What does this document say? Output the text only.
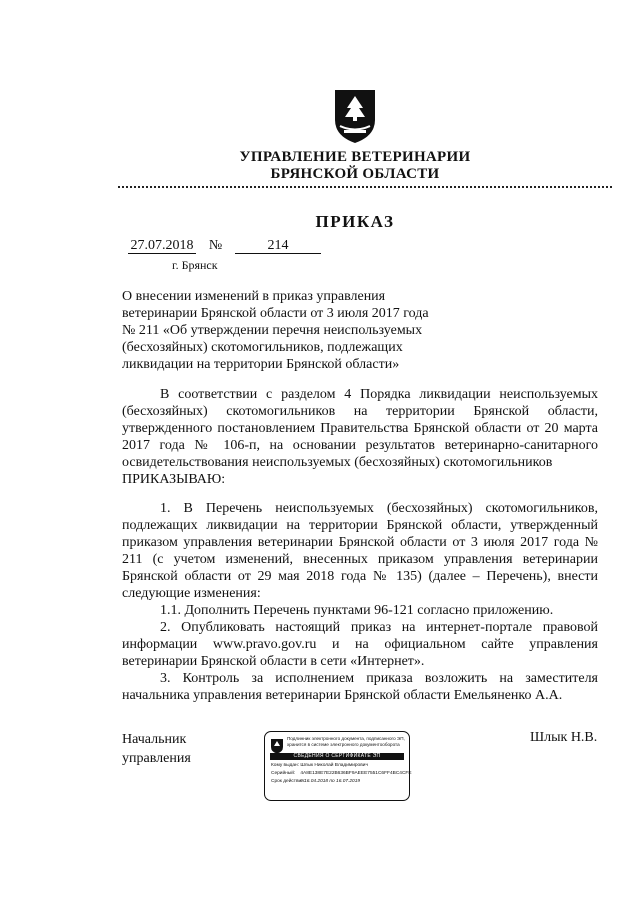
УПРАВЛЕНИЕ ВЕТЕРИНАРИИ
БРЯНСКОЙ ОБЛАСТИ
ПРИКАЗ
27.07.2018 №	214
г. Брянск
О внесении изменений в приказ управления
ветеринарии Брянской области от 3 июля 2017 года
№ 211 «Об утверждении перечня неиспользуемых
(бесхозяйных) скотомогильников, подлежащих
ликвидации на территории Брянской области»
В соответствии с разделом 4 Порядка ликвидации неиспользуемых (бесхозяйных) скотомогильников на территории Брянской области, утвержденного постановлением Правительства Брянской области от 20 марта 2017 года № 106-п, на основании результатов ветеринарно-санитарного освидетельствования неиспользуемых (бесхозяйных) скотомогильников
ПРИКАЗЫВАЮ:
1. В Перечень неиспользуемых (бесхозяйных) скотомогильников, подлежащих ликвидации на территории Брянской области, утвержденный приказом управления ветеринарии Брянской области от 3 июля 2017 года № 211 (с учетом изменений, внесенных приказом управления ветеринарии Брянской области от 29 мая 2018 года № 135) (далее – Перечень), внести следующие изменения:
1.1. Дополнить Перечень пунктами 96-121 согласно приложению.
2. Опубликовать настоящий приказ на интернет-портале правовой информации www.pravo.gov.ru и на официальном сайте управления ветеринарии Брянской области в сети «Интернет».
3. Контроль за исполнением приказа возложить на заместителя начальника управления ветеринарии Брянской области Емельяненко А.А.
Начальник
управления
Шлык Н.В.
Подлинник электронного документа, подписанного ЭП, хранится в системе электронного документооборота
СВЕДЕНИЯ О СЕРТИФИКАТЕ ЭП
Кому выдан: Шлык Николай Владимирович
Серийный: 4A8E138E7E22B636BF9AEEE7551C6FF4BC4CFE
Срок действия: с 16.04.2018 по 16.07.2019
